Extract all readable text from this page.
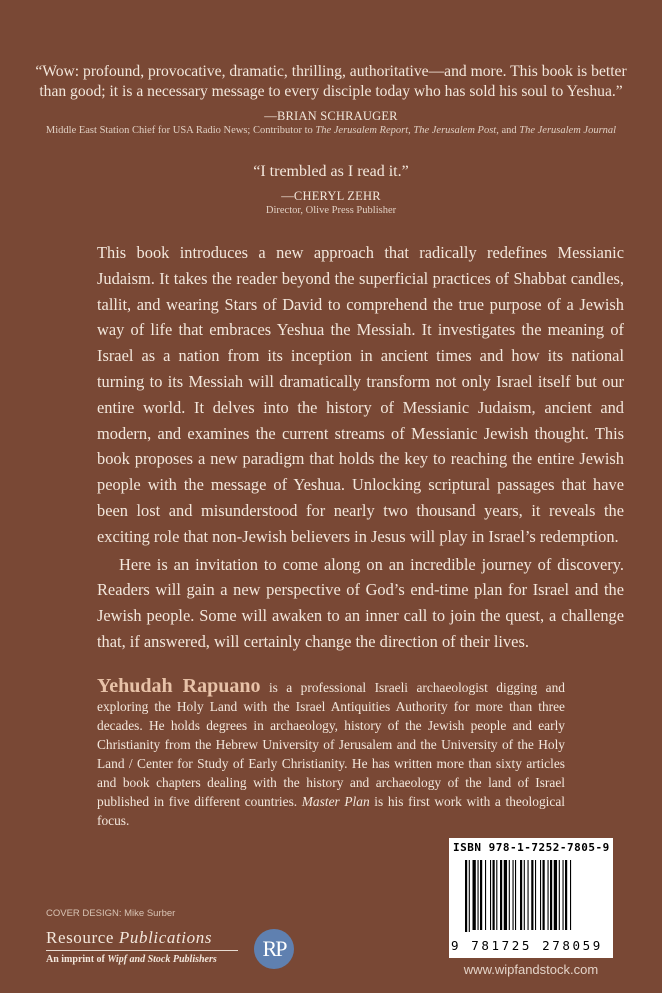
“Wow: profound, provocative, dramatic, thrilling, authoritative—and more. This book is better than good; it is a necessary message to every disciple today who has sold his soul to Yeshua.”
—BRIAN SCHRAUGER
Middle East Station Chief for USA Radio News; Contributor to The Jerusalem Report, The Jerusalem Post, and The Jerusalem Journal
“I trembled as I read it.”
—CHERYL ZEHR
Director, Olive Press Publisher

This book introduces a new approach that radically redefines Messianic Judaism. It takes the reader beyond the superficial practices of Shabbat candles, tallit, and wearing Stars of David to comprehend the true purpose of a Jewish way of life that embraces Yeshua the Messiah. It investigates the meaning of Israel as a nation from its inception in ancient times and how its national turning to its Messiah will dramatically transform not only Israel itself but our entire world. It delves into the history of Messianic Judaism, ancient and modern, and examines the current streams of Messianic Jewish thought. This book proposes a new paradigm that holds the key to reaching the entire Jewish people with the message of Yeshua. Unlocking scriptural passages that have been lost and misunderstood for nearly two thousand years, it reveals the exciting role that non-Jewish believers in Jesus will play in Israel’s redemption.

Here is an invitation to come along on an incredible journey of discovery. Readers will gain a new perspective of God’s end-time plan for Israel and the Jewish people. Some will awaken to an inner call to join the quest, a challenge that, if answered, will certainly change the direction of their lives.

Yehudah Rapuano is a professional Israeli archaeologist digging and exploring the Holy Land with the Israel Antiquities Authority for more than three decades. He holds degrees in archaeology, history of the Jewish people and early Christianity from the Hebrew University of Jerusalem and the University of the Holy Land / Center for Study of Early Christianity. He has written more than sixty articles and book chapters dealing with the history and archaeology of the land of Israel published in five different countries. Master Plan is his first work with a theological focus.
COVER DESIGN: Mike Surber
Resource Publications
An imprint of Wipf and Stock Publishers	RP
ISBN 978-1-7252-7805-9
9 781725 278059
www.wipfandstock.com
